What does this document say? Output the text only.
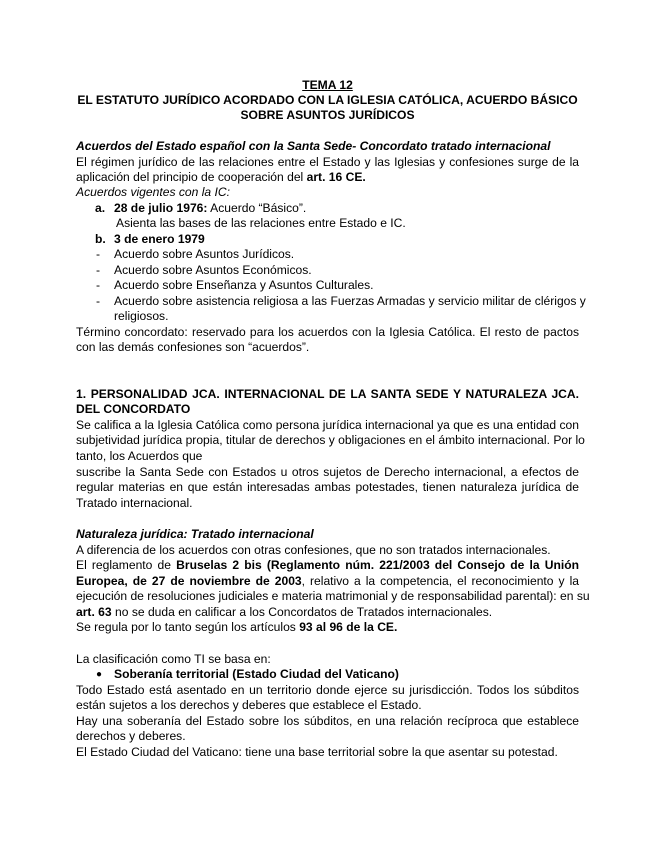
TEMA 12
EL ESTATUTO JURÍDICO ACORDADO CON LA IGLESIA CATÓLICA, ACUERDO BÁSICO
SOBRE ASUNTOS JURÍDICOS
Acuerdos del Estado español con la Santa Sede- Concordato tratado internacional
El régimen jurídico de las relaciones entre el Estado y las Iglesias y confesiones surge de la
aplicación del principio de cooperación del art. 16 CE.
Acuerdos vigentes con la IC:
a. 28 de julio 1976: Acuerdo “Básico”.
Asienta las bases de las relaciones entre Estado e IC.
b. 3 de enero 1979
- Acuerdo sobre Asuntos Jurídicos.
- Acuerdo sobre Asuntos Económicos.
- Acuerdo sobre Enseñanza y Asuntos Culturales.
- Acuerdo sobre asistencia religiosa a las Fuerzas Armadas y servicio militar de clérigos y
religiosos.
Término concordato: reservado para los acuerdos con la Iglesia Católica. El resto de pactos
con las demás confesiones son “acuerdos”.
1. PERSONALIDAD JCA. INTERNACIONAL DE LA SANTA SEDE Y NATURALEZA JCA.
DEL CONCORDATO
Se califica a la Iglesia Católica como persona jurídica internacional ya que es una entidad con
subjetividad jurídica propia, titular de derechos y obligaciones en el ámbito internacional. Por lo
tanto, los Acuerdos que
suscribe la Santa Sede con Estados u otros sujetos de Derecho internacional, a efectos de
regular materias en que están interesadas ambas potestades, tienen naturaleza jurídica de
Tratado internacional.
Naturaleza jurídica: Tratado internacional
A diferencia de los acuerdos con otras confesiones, que no son tratados internacionales.
El reglamento de Bruselas 2 bis (Reglamento núm. 221/2003 del Consejo de la Unión
Europea, de 27 de noviembre de 2003, relativo a la competencia, el reconocimiento y la
ejecución de resoluciones judiciales e materia matrimonial y de responsabilidad parental): en su
art. 63 no se duda en calificar a los Concordatos de Tratados internacionales.
Se regula por lo tanto según los artículos 93 al 96 de la CE.
La clasificación como TI se basa en:
● Soberanía territorial (Estado Ciudad del Vaticano)
Todo Estado está asentado en un territorio donde ejerce su jurisdicción. Todos los súbditos
están sujetos a los derechos y deberes que establece el Estado.
Hay una soberanía del Estado sobre los súbditos, en una relación recíproca que establece
derechos y deberes.
El Estado Ciudad del Vaticano: tiene una base territorial sobre la que asentar su potestad.
